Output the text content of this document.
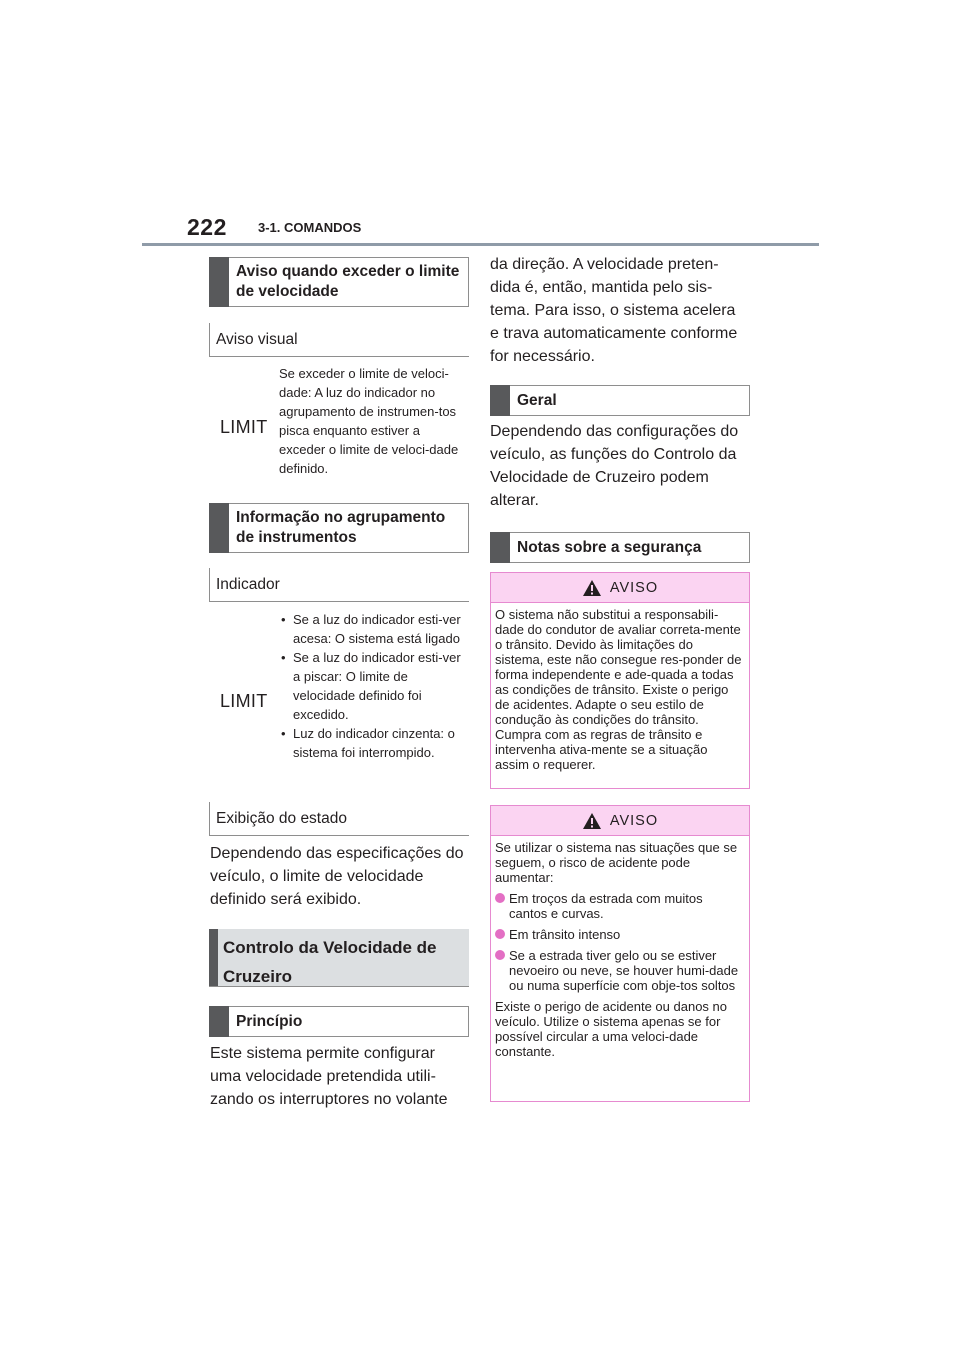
222 3-1. COMANDOS
Aviso quando exceder o limite de velocidade
Aviso visual
LIMIT
Se exceder o limite de veloci-dade: A luz do indicador no agrupamento de instrumen-tos pisca enquanto estiver a exceder o limite de veloci-dade definido.
Informação no agrupamento de instrumentos
Indicador
LIMIT
• Se a luz do indicador esti-ver acesa: O sistema está ligado
• Se a luz do indicador esti-ver a piscar: O limite de velocidade definido foi excedido.
• Luz do indicador cinzenta: o sistema foi interrompido.
Exibição do estado
Dependendo das especificações do veículo, o limite de velocidade definido será exibido.
Controlo da Velocidade de Cruzeiro
Princípio
Este sistema permite configurar uma velocidade pretendida utili-zando os interruptores no volante
da direção. A velocidade preten-dida é, então, mantida pelo sis-tema. Para isso, o sistema acelera e trava automaticamente conforme for necessário.
Geral
Dependendo das configurações do veículo, as funções do Controlo da Velocidade de Cruzeiro podem alterar.
Notas sobre a segurança
AVISO
O sistema não substitui a responsabili-dade do condutor de avaliar correta-mente o trânsito. Devido às limitações do sistema, este não consegue res-ponder de forma independente e ade-quada a todas as condições de trânsito. Existe o perigo de acidentes. Adapte o seu estilo de condução às condições do trânsito. Cumpra com as regras de trânsito e intervenha ativa-mente se a situação assim o requerer.
AVISO

Se utilizar o sistema nas situações que se seguem, o risco de acidente pode aumentar:

Em troços da estrada com muitos cantos e curvas.
Em trânsito intenso
Se a estrada tiver gelo ou se estiver nevoeiro ou neve, se houver humi-dade ou numa superfície com obje-tos soltos

Existe o perigo de acidente ou danos no veículo. Utilize o sistema apenas se for possível circular a uma veloci-dade constante.
